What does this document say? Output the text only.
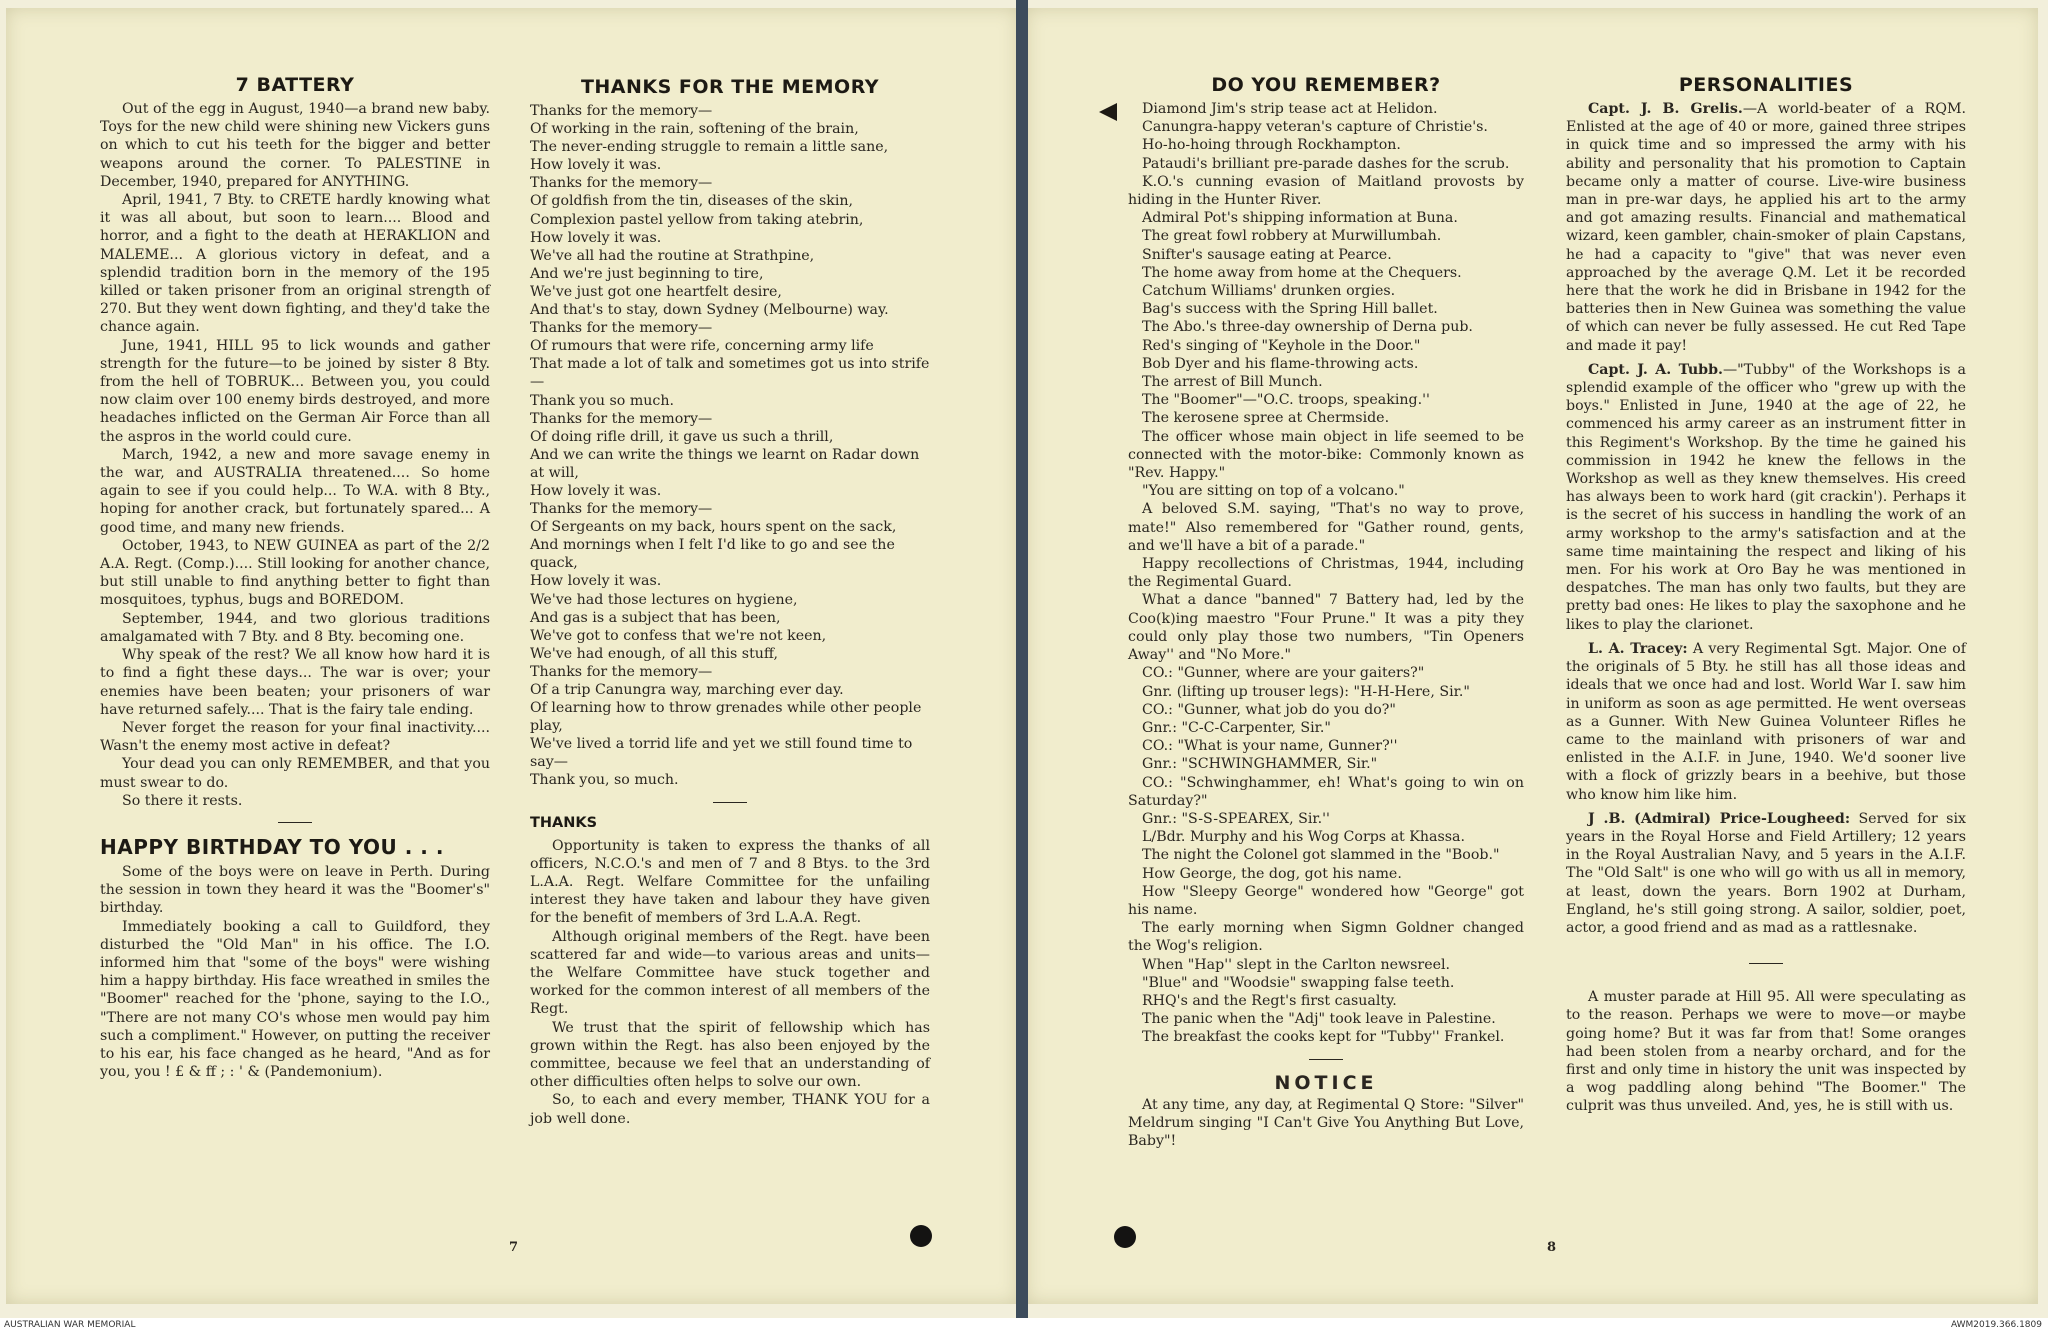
7 BATTERY

Out of the egg in August, 1940—a brand new baby. Toys for the new child were shining new Vickers guns on which to cut his teeth for the bigger and better weapons around the corner. To PALESTINE in December, 1940, prepared for ANYTHING.

April, 1941, 7 Bty. to CRETE hardly knowing what it was all about, but soon to learn.... Blood and horror, and a fight to the death at HERAKLION and MALEME... A glorious victory in defeat, and a splendid tradition born in the memory of the 195 killed or taken prisoner from an original strength of 270. But they went down fighting, and they'd take the chance again.

June, 1941, HILL 95 to lick wounds and gather strength for the future—to be joined by sister 8 Bty. from the hell of TOBRUK... Between you, you could now claim over 100 enemy birds destroyed, and more headaches inflicted on the German Air Force than all the aspros in the world could cure.

March, 1942, a new and more savage enemy in the war, and AUSTRALIA threatened.... So home again to see if you could help... To W.A. with 8 Bty., hoping for another crack, but fortunately spared... A good time, and many new friends.

October, 1943, to NEW GUINEA as part of the 2/2 A.A. Regt. (Comp.).... Still looking for another chance, but still unable to find anything better to fight than mosquitoes, typhus, bugs and BOREDOM.

September, 1944, and two glorious traditions amalgamated with 7 Bty. and 8 Bty. becoming one.

Why speak of the rest? We all know how hard it is to find a fight these days... The war is over; your enemies have been beaten; your prisoners of war have returned safely.... That is the fairy tale ending.

Never forget the reason for your final inactivity.... Wasn't the enemy most active in defeat?

Your dead you can only REMEMBER, and that you must swear to do.

So there it rests.

HAPPY BIRTHDAY TO YOU . . .

Some of the boys were on leave in Perth. During the session in town they heard it was the "Boomer's" birthday.

Immediately booking a call to Guildford, they disturbed the "Old Man" in his office. The I.O. informed him that "some of the boys" were wishing him a happy birthday. His face wreathed in smiles the "Boomer" reached for the 'phone, saying to the I.O., "There are not many CO's whose men would pay him such a compliment." However, on putting the receiver to his ear, his face changed as he heard, "And as for you, you ! £ & ff ; : ' & (Pandemonium).

THANKS FOR THE MEMORY

Thanks for the memory—
Of working in the rain, softening of the brain,
The never-ending struggle to remain a little sane,
How lovely it was.
Thanks for the memory—
Of goldfish from the tin, diseases of the skin,
Complexion pastel yellow from taking atebrin,
How lovely it was.
We've all had the routine at Strathpine,
And we're just beginning to tire,
We've just got one heartfelt desire,
And that's to stay, down Sydney (Melbourne) way.
Thanks for the memory—
Of rumours that were rife, concerning army life
That made a lot of talk and sometimes got us into strife—
Thank you so much.
Thanks for the memory—
Of doing rifle drill, it gave us such a thrill,
And we can write the things we learnt on Radar down at will,
How lovely it was.
Thanks for the memory—
Of Sergeants on my back, hours spent on the sack,
And mornings when I felt I'd like to go and see the quack,
How lovely it was.
We've had those lectures on hygiene,
And gas is a subject that has been,
We've got to confess that we're not keen,
We've had enough, of all this stuff,
Thanks for the memory—
Of a trip Canungra way, marching ever day.
Of learning how to throw grenades while other people play,
We've lived a torrid life and yet we still found time to say—
Thank you, so much.

THANKS

Opportunity is taken to express the thanks of all officers, N.C.O.'s and men of 7 and 8 Btys. to the 3rd L.A.A. Regt. Welfare Committee for the unfailing interest they have taken and labour they have given for the benefit of members of 3rd L.A.A. Regt.

Although original members of the Regt. have been scattered far and wide—to various areas and units—the Welfare Committee have stuck together and worked for the common interest of all members of the Regt.

We trust that the spirit of fellowship which has grown within the Regt. has also been enjoyed by the committee, because we feel that an understanding of other difficulties often helps to solve our own.

So, to each and every member, THANK YOU for a job well done.

7
DO YOU REMEMBER?

Diamond Jim's strip tease act at Helidon.

Canungra-happy veteran's capture of Christie's.

Ho-ho-hoing through Rockhampton.

Pataudi's brilliant pre-parade dashes for the scrub.

K.O.'s cunning evasion of Maitland provosts by hiding in the Hunter River.

Admiral Pot's shipping information at Buna.

The great fowl robbery at Murwillumbah.

Snifter's sausage eating at Pearce.

The home away from home at the Chequers.

Catchum Williams' drunken orgies.

Bag's success with the Spring Hill ballet.

The Abo.'s three-day ownership of Derna pub.

Red's singing of "Keyhole in the Door."

Bob Dyer and his flame-throwing acts.

The arrest of Bill Munch.

The "Boomer"—"O.C. troops, speaking.''

The kerosene spree at Chermside.

The officer whose main object in life seemed to be connected with the motor-bike: Commonly known as "Rev. Happy."

"You are sitting on top of a volcano."

A beloved S.M. saying, "That's no way to prove, mate!" Also remembered for "Gather round, gents, and we'll have a bit of a parade."

Happy recollections of Christmas, 1944, including the Regimental Guard.

What a dance "banned" 7 Battery had, led by the Coo(k)ing maestro "Four Prune." It was a pity they could only play those two numbers, "Tin Openers Away'' and "No More."

CO.: "Gunner, where are your gaiters?"

Gnr. (lifting up trouser legs): "H-H-Here, Sir."

CO.: "Gunner, what job do you do?"

Gnr.: "C-C-Carpenter, Sir."

CO.: "What is your name, Gunner?''

Gnr.: "SCHWINGHAMMER, Sir."

CO.: "Schwinghammer, eh! What's going to win on Saturday?"

Gnr.: "S-S-SPEAREX, Sir.''

L/Bdr. Murphy and his Wog Corps at Khassa.

The night the Colonel got slammed in the "Boob."

How George, the dog, got his name.

How "Sleepy George" wondered how "George" got his name.

The early morning when Sigmn Goldner changed the Wog's religion.

When "Hap'' slept in the Carlton newsreel.

"Blue" and "Woodsie" swapping false teeth.

RHQ's and the Regt's first casualty.

The panic when the "Adj" took leave in Palestine.

The breakfast the cooks kept for "Tubby'' Frankel.

NOTICE

At any time, any day, at Regimental Q Store: "Silver" Meldrum singing "I Can't Give You Anything But Love, Baby"!

PERSONALITIES

Capt. J. B. Grelis.—A world-beater of a RQM. Enlisted at the age of 40 or more, gained three stripes in quick time and so impressed the army with his ability and personality that his promotion to Captain became only a matter of course. Live-wire business man in pre-war days, he applied his art to the army and got amazing results. Financial and mathematical wizard, keen gambler, chain-smoker of plain Capstans, he had a capacity to "give" that was never even approached by the average Q.M. Let it be recorded here that the work he did in Brisbane in 1942 for the batteries then in New Guinea was something the value of which can never be fully assessed. He cut Red Tape and made it pay!

Capt. J. A. Tubb.—"Tubby" of the Workshops is a splendid example of the officer who "grew up with the boys." Enlisted in June, 1940 at the age of 22, he commenced his army career as an instrument fitter in this Regiment's Workshop. By the time he gained his commission in 1942 he knew the fellows in the Workshop as well as they knew themselves. His creed has always been to work hard (git crackin'). Perhaps it is the secret of his success in handling the work of an army workshop to the army's satisfaction and at the same time maintaining the respect and liking of his men. For his work at Oro Bay he was mentioned in despatches. The man has only two faults, but they are pretty bad ones: He likes to play the saxophone and he likes to play the clarionet.

L. A. Tracey: A very Regimental Sgt. Major. One of the originals of 5 Bty. he still has all those ideas and ideals that we once had and lost. World War I. saw him in uniform as soon as age permitted. He went overseas as a Gunner. With New Guinea Volunteer Rifles he came to the mainland with prisoners of war and enlisted in the A.I.F. in June, 1940. We'd sooner live with a flock of grizzly bears in a beehive, but those who know him like him.

J .B. (Admiral) Price-Lougheed: Served for six years in the Royal Horse and Field Artillery; 12 years in the Royal Australian Navy, and 5 years in the A.I.F. The "Old Salt" is one who will go with us all in memory, at least, down the years. Born 1902 at Durham, England, he's still going strong. A sailor, soldier, poet, actor, a good friend and as mad as a rattlesnake.

A muster parade at Hill 95. All were speculating as to the reason. Perhaps we were to move—or maybe going home? But it was far from that! Some oranges had been stolen from a nearby orchard, and for the first and only time in history the unit was inspected by a wog paddling along behind "The Boomer." The culprit was thus unveiled. And, yes, he is still with us.

8
AUSTRALIAN WAR MEMORIAL	AWM2019.366.1809
